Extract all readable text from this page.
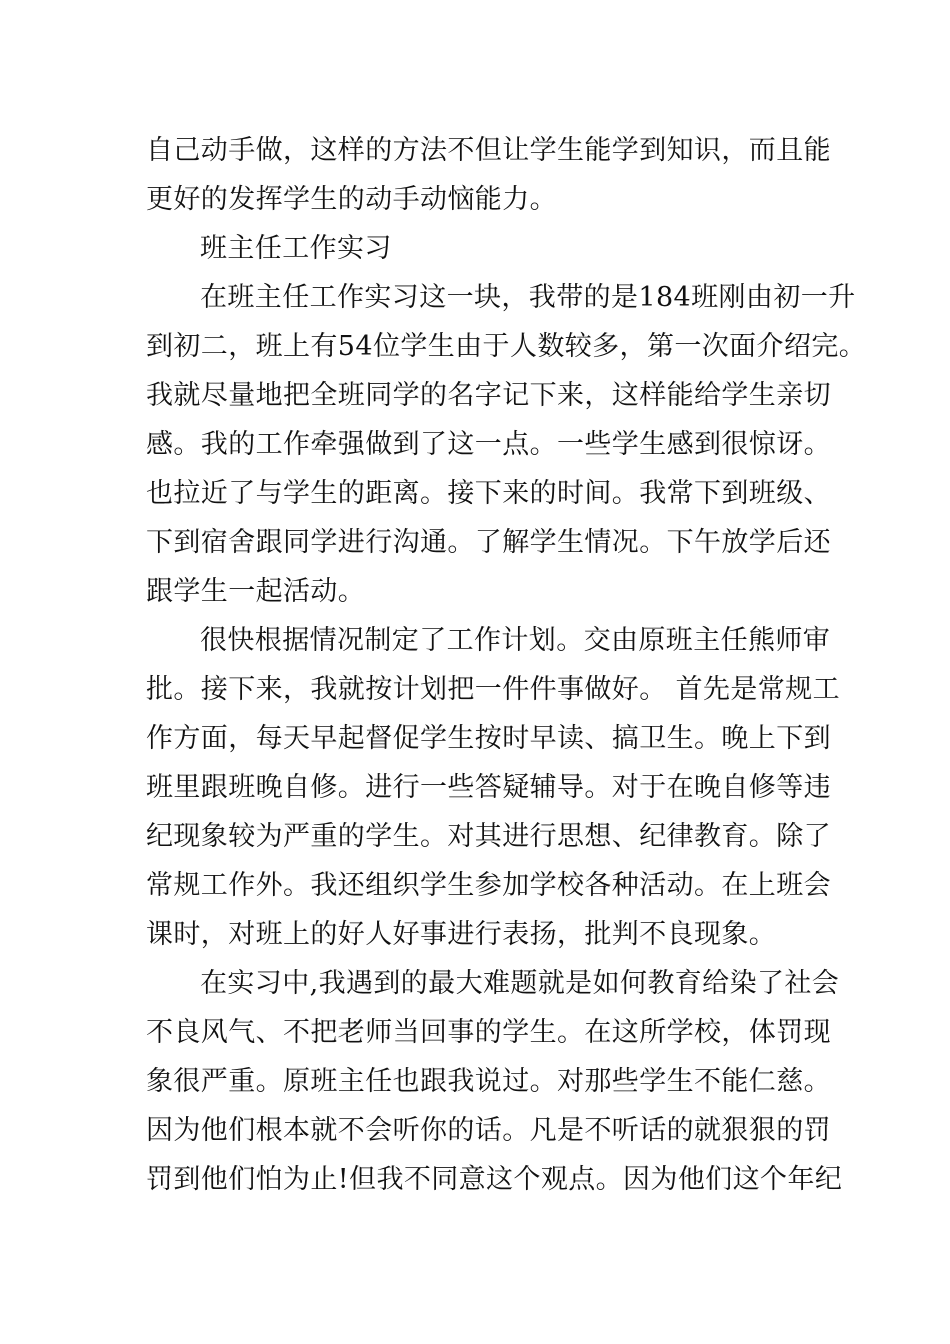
自己动手做，这样的方法不但让学生能学到知识，而且能
更好的发挥学生的动手动恼能力。
班主任工作实习
在班主任工作实习这一块，我带的是184班刚由初一升
到初二，班上有54位学生由于人数较多，第一次面介绍完。
我就尽量地把全班同学的名字记下来，这样能给学生亲切
感。我的工作牵强做到了这一点。一些学生感到很惊讶。
也拉近了与学生的距离。接下来的时间。我常下到班级、
下到宿舍跟同学进行沟通。了解学生情况。下午放学后还
跟学生一起活动。
很快根据情况制定了工作计划。交由原班主任熊师审
批。接下来，我就按计划把一件件事做好。 首先是常规工
作方面，每天早起督促学生按时早读、搞卫生。晚上下到
班里跟班晚自修。进行一些答疑辅导。对于在晚自修等违
纪现象较为严重的学生。对其进行思想、纪律教育。除了
常规工作外。我还组织学生参加学校各种活动。在上班会
课时，对班上的好人好事进行表扬，批判不良现象。
在实习中,我遇到的最大难题就是如何教育给染了社会
不良风气、不把老师当回事的学生。在这所学校，体罚现
象很严重。原班主任也跟我说过。对那些学生不能仁慈。
因为他们根本就不会听你的话。凡是不听话的就狠狠的罚
罚到他们怕为止!但我不同意这个观点。因为他们这个年纪
